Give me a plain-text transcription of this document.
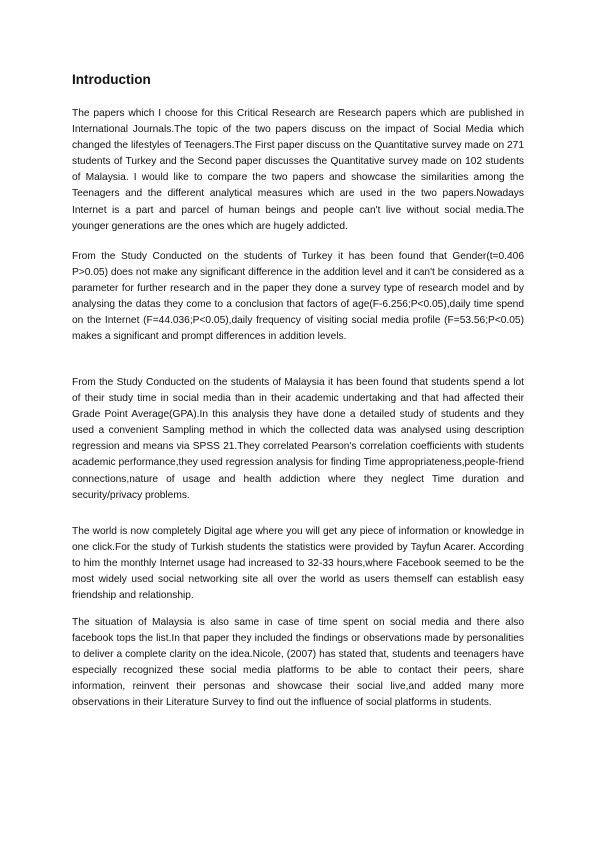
Introduction

The papers which I choose for this Critical Research are Research papers which are published in International Journals.The topic of the two papers discuss on the impact of Social Media which changed the lifestyles of Teenagers.The First paper discuss on the Quantitative survey made on 271 students of Turkey and the Second paper discusses the Quantitative survey made on 102 students of Malaysia. I would like to compare the two papers and showcase the similarities among the Teenagers and the different analytical measures which are used in the two papers.Nowadays Internet is a part and parcel of human beings and people can't live without social media.The younger generations are the ones which are hugely addicted.

From the Study Conducted on the students of Turkey it has been found that Gender(t=0.406 P>0.05) does not make any significant difference in the addition level and it can't be considered as a parameter for further research and in the paper they done a survey type of research model and by analysing the datas they come to a conclusion that factors of age(F-6.256;P<0.05),daily time spend on the Internet (F=44.036;P<0.05),daily frequency of visiting social media profile (F=53.56;P<0.05) makes a significant and prompt differences in addition levels.

From the Study Conducted on the students of Malaysia it has been found that students spend a lot of their study time in social media than in their academic undertaking and that had affected their Grade Point Average(GPA).In this analysis they have done a detailed study of students and they used a convenient Sampling method in which the collected data was analysed using description regression and means via SPSS 21.They correlated Pearson's correlation coefficients with students academic performance,they used regression analysis for finding Time appropriateness,people-friend connections,nature of usage and health addiction where they neglect Time duration and security/privacy problems.

The world is now completely Digital age where you will get any piece of information or knowledge in one click.For the study of Turkish students the statistics were provided by Tayfun Acarer. According to him the monthly Internet usage had increased to 32-33 hours,where Facebook seemed to be the most widely used social networking site all over the world as users themself can establish easy friendship and relationship.

The situation of Malaysia is also same in case of time spent on social media and there also facebook tops the list.In that paper they included the findings or observations made by personalities to deliver a complete clarity on the idea.Nicole, (2007) has stated that, students and teenagers have especially recognized these social media platforms to be able to contact their peers, share information, reinvent their personas and showcase their social live,and added many more observations in their Literature Survey to find out the influence of social platforms in students.
